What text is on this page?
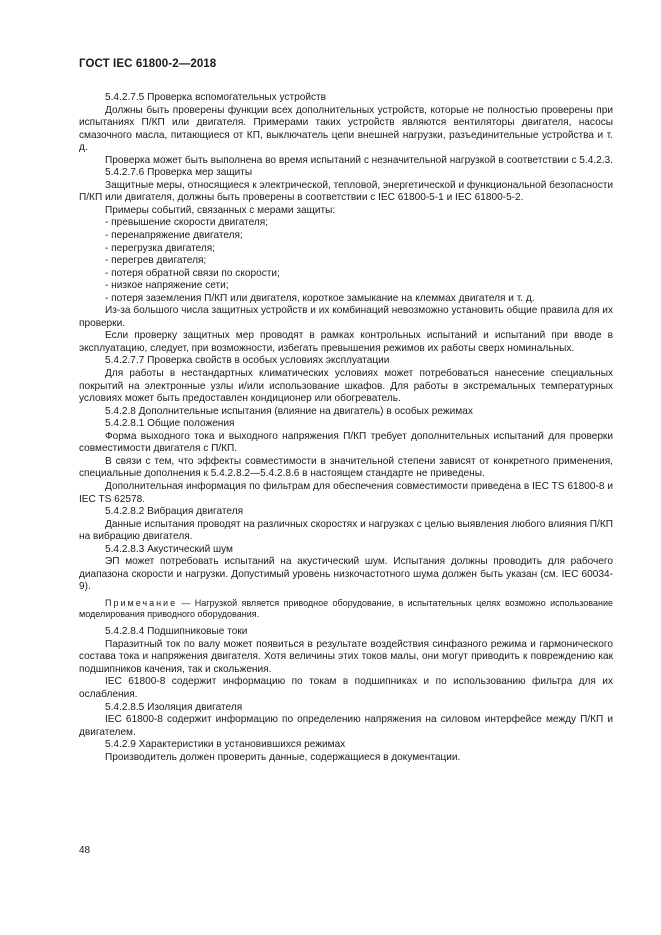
ГОСТ IEC 61800-2—2018

5.4.2.7.5 Проверка вспомогательных устройств

Должны быть проверены функции всех дополнительных устройств, которые не полностью проверены при испытаниях П/КП или двигателя. Примерами таких устройств являются вентиляторы двигателя, насосы смазочного масла, питающиеся от КП, выключатель цепи внешней нагрузки, разъединительные устройства и т. д.

Проверка может быть выполнена во время испытаний с незначительной нагрузкой в соответствии с 5.4.2.3.

5.4.2.7.6 Проверка мер защиты

Защитные меры, относящиеся к электрической, тепловой, энергетической и функциональной безопасности П/КП или двигателя, должны быть проверены в соответствии с IEC 61800-5-1 и IEC 61800-5-2.

Примеры событий, связанных с мерами защиты:

- превышение скорости двигателя;

- перенапряжение двигателя;

- перегрузка двигателя;

- перегрев двигателя;

- потеря обратной связи по скорости;

- низкое напряжение сети;

- потеря заземления П/КП или двигателя, короткое замыкание на клеммах двигателя и т. д.

Из-за большого числа защитных устройств и их комбинаций невозможно установить общие правила для их проверки.

Если проверку защитных мер проводят в рамках контрольных испытаний и испытаний при вводе в эксплуатацию, следует, при возможности, избегать превышения режимов их работы сверх номинальных.

5.4.2.7.7 Проверка свойств в особых условиях эксплуатации

Для работы в нестандартных климатических условиях может потребоваться нанесение специальных покрытий на электронные узлы и/или использование шкафов. Для работы в экстремальных температурных условиях может быть предоставлен кондиционер или обогреватель.

5.4.2.8 Дополнительные испытания (влияние на двигатель) в особых режимах

5.4.2.8.1 Общие положения

Форма выходного тока и выходного напряжения П/КП требует дополнительных испытаний для проверки совместимости двигателя с П/КП.

В связи с тем, что эффекты совместимости в значительной степени зависят от конкретного применения, специальные дополнения к 5.4.2.8.2—5.4.2.8.6 в настоящем стандарте не приведены.

Дополнительная информация по фильтрам для обеспечения совместимости приведена в IEC TS 61800-8 и IEC TS 62578.

5.4.2.8.2 Вибрация двигателя

Данные испытания проводят на различных скоростях и нагрузках с целью выявления любого влияния П/КП на вибрацию двигателя.

5.4.2.8.3 Акустический шум

ЭП может потребовать испытаний на акустический шум. Испытания должны проводить для рабочего диапазона скорости и нагрузки. Допустимый уровень низкочастотного шума должен быть указан (см. IEC 60034-9).

Примечание — Нагрузкой является приводное оборудование, в испытательных целях возможно использование моделирования приводного оборудования.

5.4.2.8.4 Подшипниковые токи

Паразитный ток по валу может появиться в результате воздействия синфазного режима и гармонического состава тока и напряжения двигателя. Хотя величины этих токов малы, они могут приводить к повреждению как подшипников качения, так и скольжения.

IEC 61800-8 содержит информацию по токам в подшипниках и по использованию фильтра для их ослабления.

5.4.2.8.5 Изоляция двигателя

IEC 61800-8 содержит информацию по определению напряжения на силовом интерфейсе между П/КП и двигателем.

5.4.2.9 Характеристики в установившихся режимах

Производитель должен проверить данные, содержащиеся в документации.

48
